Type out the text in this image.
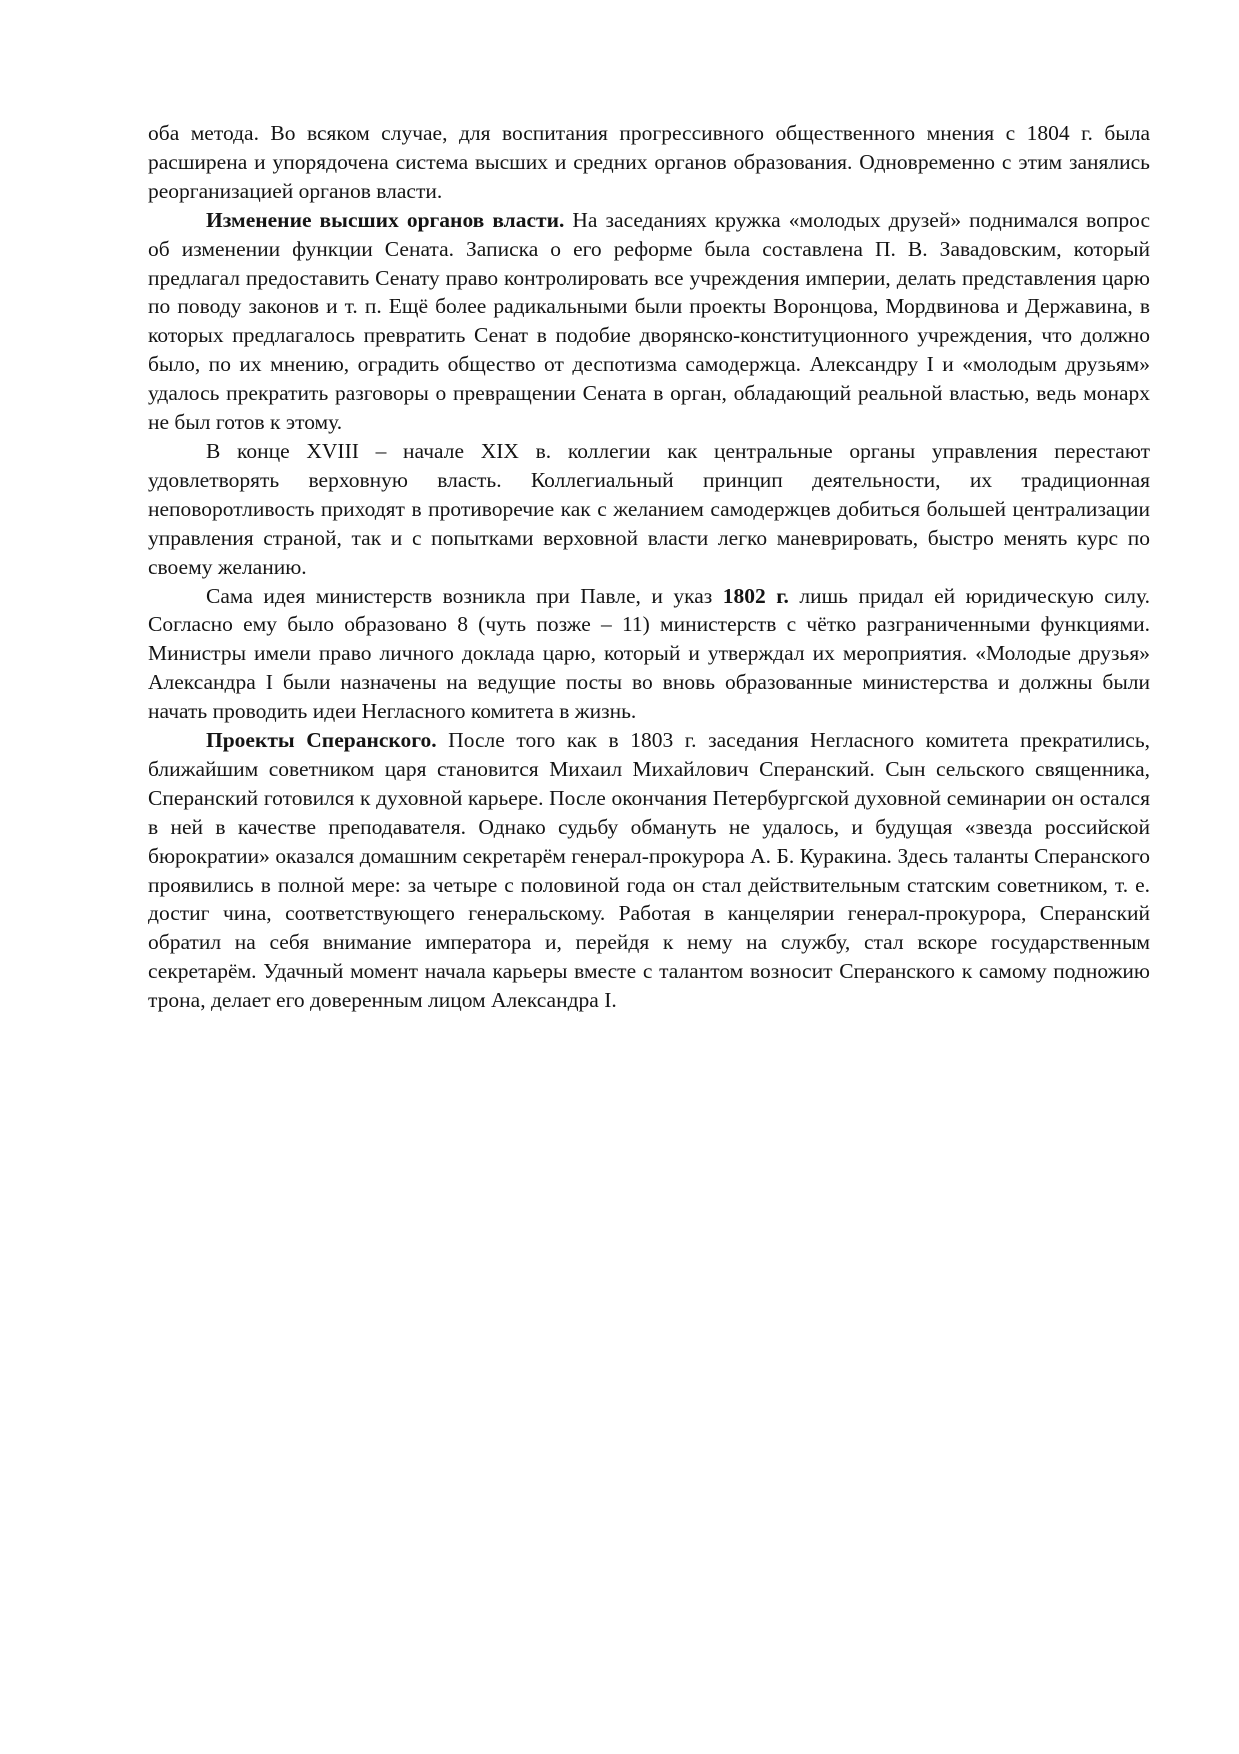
оба метода. Во всяком случае, для воспитания прогрессивного общественного мнения с 1804 г. была расширена и упорядочена система высших и средних органов образования. Одновременно с этим занялись реорганизацией органов власти.

Изменение высших органов власти. На заседаниях кружка «молодых друзей» поднимался вопрос об изменении функции Сената. Записка о его реформе была составлена П. В. Завадовским, который предлагал предоставить Сенату право контролировать все учреждения империи, делать представления царю по поводу законов и т. п. Ещё более радикальными были проекты Воронцова, Мордвинова и Державина, в которых предлагалось превратить Сенат в подобие дворянско-конституционного учреждения, что должно было, по их мнению, оградить общество от деспотизма самодержца. Александру I и «молодым друзьям» удалось прекратить разговоры о превращении Сената в орган, обладающий реальной властью, ведь монарх не был готов к этому.

В конце XVIII – начале XIX в. коллегии как центральные органы управления перестают удовлетворять верховную власть. Коллегиальный принцип деятельности, их традиционная неповоротливость приходят в противоречие как с желанием самодержцев добиться большей централизации управления страной, так и с попытками верховной власти легко маневрировать, быстро менять курс по своему желанию.

Сама идея министерств возникла при Павле, и указ 1802 г. лишь придал ей юридическую силу. Согласно ему было образовано 8 (чуть позже – 11) министерств с чётко разграниченными функциями. Министры имели право личного доклада царю, который и утверждал их мероприятия. «Молодые друзья» Александра I были назначены на ведущие посты во вновь образованные министерства и должны были начать проводить идеи Негласного комитета в жизнь.

Проекты Сперанского. После того как в 1803 г. заседания Негласного комитета прекратились, ближайшим советником царя становится Михаил Михайлович Сперанский. Сын сельского священника, Сперанский готовился к духовной карьере. После окончания Петербургской духовной семинарии он остался в ней в качестве преподавателя. Однако судьбу обмануть не удалось, и будущая «звезда российской бюрократии» оказался домашним секретарём генерал-прокурора А. Б. Куракина. Здесь таланты Сперанского проявились в полной мере: за четыре с половиной года он стал действительным статским советником, т. е. достиг чина, соответствующего генеральскому. Работая в канцелярии генерал-прокурора, Сперанский обратил на себя внимание императора и, перейдя к нему на службу, стал вскоре государственным секретарём. Удачный момент начала карьеры вместе с талантом возносит Сперанского к самому подножию трона, делает его доверенным лицом Александра I.
